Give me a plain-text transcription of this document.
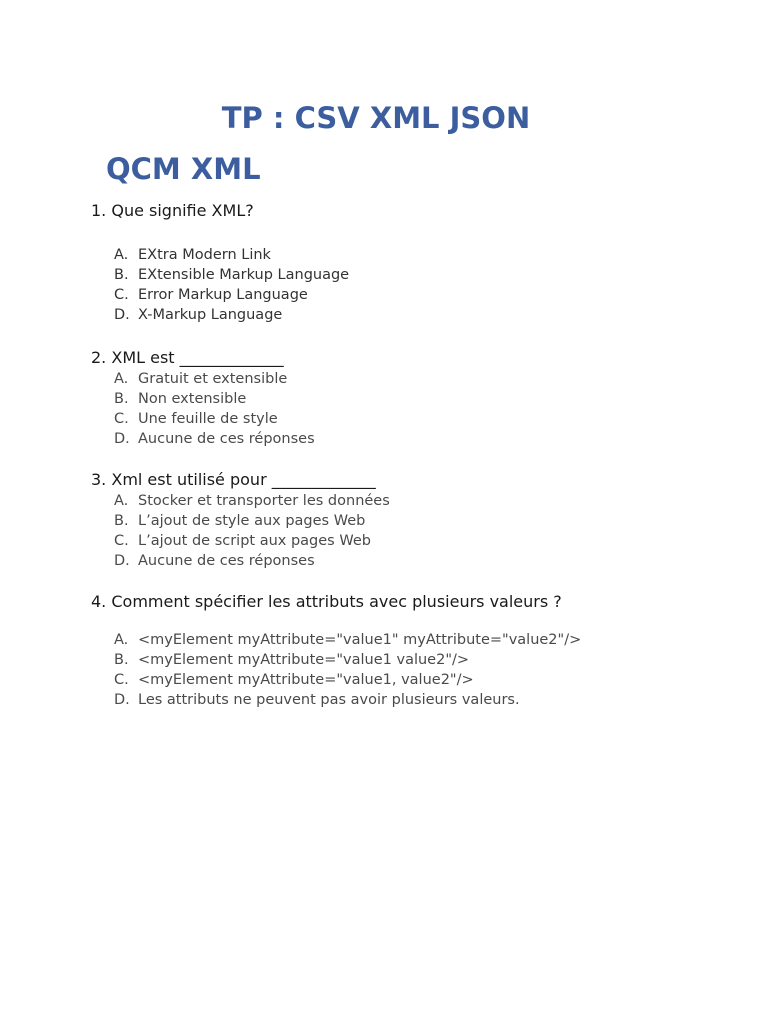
TP : CSV XML JSON
QCM XML

1. Que signifie XML?

A. EXtra Modern Link
B. EXtensible Markup Language
C. Error Markup Language
D. X-Markup Language

2. XML est _____________

A. Gratuit et extensible
B. Non extensible
C. Une feuille de style
D. Aucune de ces réponses

3. Xml est utilisé pour _____________

A. Stocker et transporter les données
B. L’ajout de style aux pages Web
C. L’ajout de script aux pages Web
D. Aucune de ces réponses

4. Comment spécifier les attributs avec plusieurs valeurs ?

A. <myElement myAttribute="value1" myAttribute="value2"/>
B. <myElement myAttribute="value1 value2"/>
C. <myElement myAttribute="value1, value2"/>
D. Les attributs ne peuvent pas avoir plusieurs valeurs.
